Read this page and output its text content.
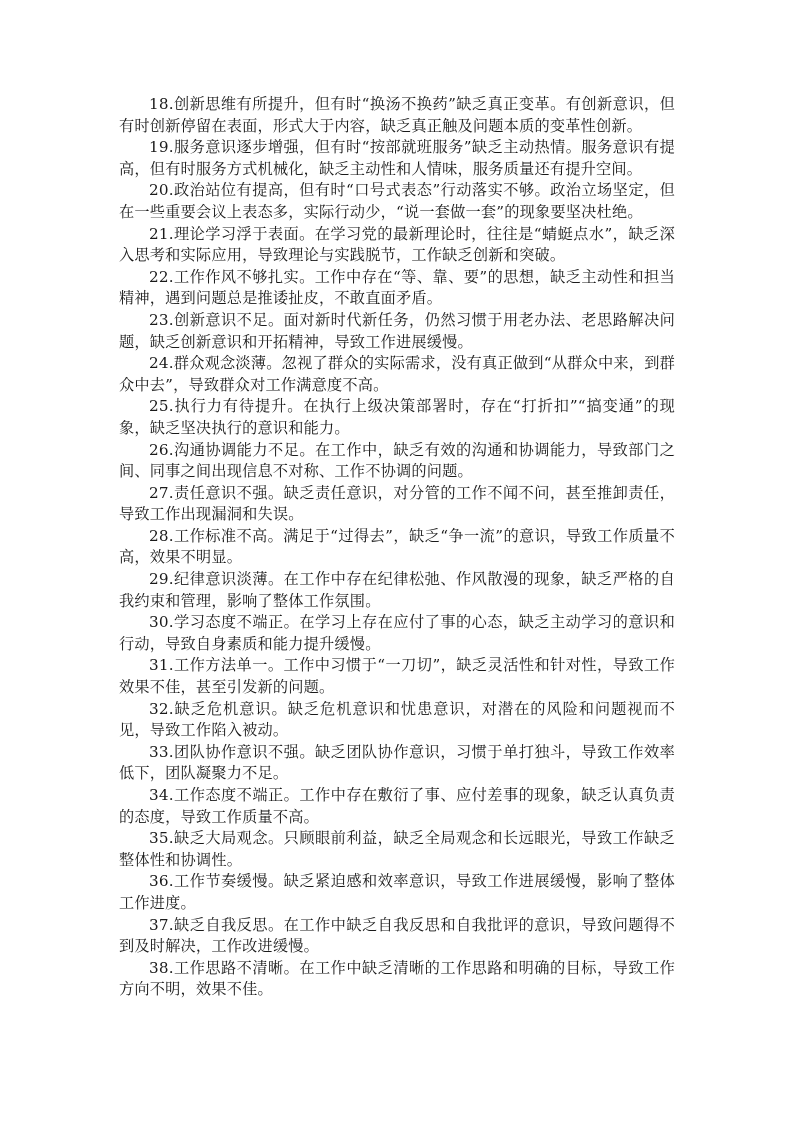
18.创新思维有所提升，但有时“换汤不换药”缺乏真正变革。有创新意识，但有时创新停留在表面，形式大于内容，缺乏真正触及问题本质的变革性创新。

19.服务意识逐步增强，但有时“按部就班服务”缺乏主动热情。服务意识有提高，但有时服务方式机械化，缺乏主动性和人情味，服务质量还有提升空间。

20.政治站位有提高，但有时“口号式表态”行动落实不够。政治立场坚定，但在一些重要会议上表态多，实际行动少，“说一套做一套”的现象要坚决杜绝。

21.理论学习浮于表面。在学习党的最新理论时，往往是“蜻蜓点水”，缺乏深入思考和实际应用，导致理论与实践脱节，工作缺乏创新和突破。

22.工作作风不够扎实。工作中存在“等、靠、要”的思想，缺乏主动性和担当精神，遇到问题总是推诿扯皮，不敢直面矛盾。

23.创新意识不足。面对新时代新任务，仍然习惯于用老办法、老思路解决问题，缺乏创新意识和开拓精神，导致工作进展缓慢。

24.群众观念淡薄。忽视了群众的实际需求，没有真正做到“从群众中来，到群众中去”，导致群众对工作满意度不高。

25.执行力有待提升。在执行上级决策部署时，存在“打折扣”“搞变通”的现象，缺乏坚决执行的意识和能力。

26.沟通协调能力不足。在工作中，缺乏有效的沟通和协调能力，导致部门之间、同事之间出现信息不对称、工作不协调的问题。

27.责任意识不强。缺乏责任意识，对分管的工作不闻不问，甚至推卸责任，导致工作出现漏洞和失误。

28.工作标准不高。满足于“过得去”，缺乏“争一流”的意识，导致工作质量不高，效果不明显。

29.纪律意识淡薄。在工作中存在纪律松弛、作风散漫的现象，缺乏严格的自我约束和管理，影响了整体工作氛围。

30.学习态度不端正。在学习上存在应付了事的心态，缺乏主动学习的意识和行动，导致自身素质和能力提升缓慢。

31.工作方法单一。工作中习惯于“一刀切”，缺乏灵活性和针对性，导致工作效果不佳，甚至引发新的问题。

32.缺乏危机意识。缺乏危机意识和忧患意识，对潜在的风险和问题视而不见，导致工作陷入被动。

33.团队协作意识不强。缺乏团队协作意识，习惯于单打独斗，导致工作效率低下，团队凝聚力不足。

34.工作态度不端正。工作中存在敷衍了事、应付差事的现象，缺乏认真负责的态度，导致工作质量不高。

35.缺乏大局观念。只顾眼前利益，缺乏全局观念和长远眼光，导致工作缺乏整体性和协调性。

36.工作节奏缓慢。缺乏紧迫感和效率意识，导致工作进展缓慢，影响了整体工作进度。

37.缺乏自我反思。在工作中缺乏自我反思和自我批评的意识，导致问题得不到及时解决，工作改进缓慢。

38.工作思路不清晰。在工作中缺乏清晰的工作思路和明确的目标，导致工作方向不明，效果不佳。
